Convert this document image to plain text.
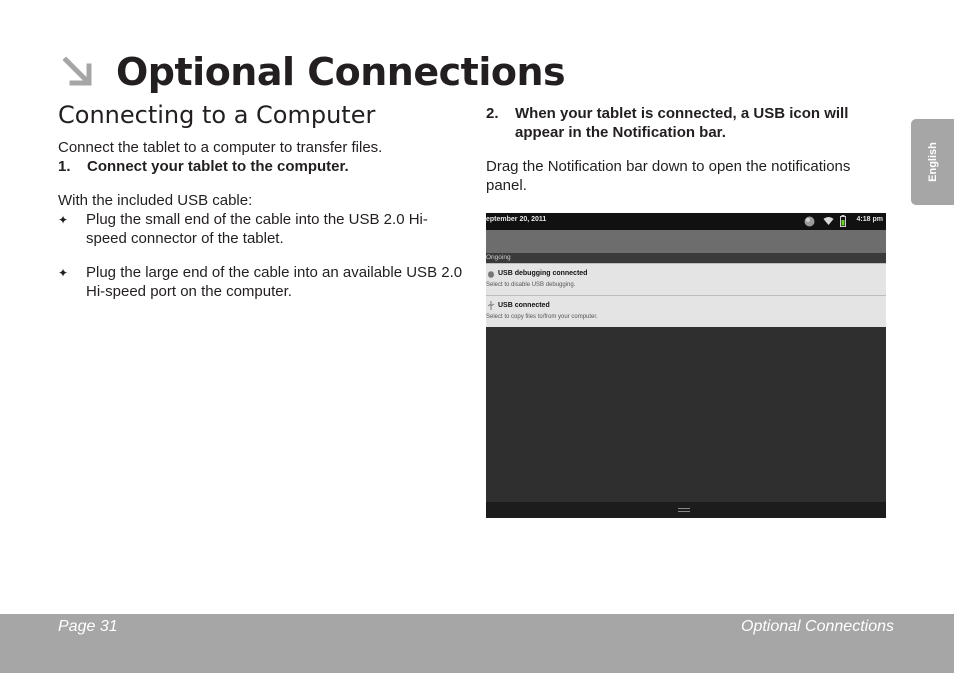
Optional Connections
Connecting to a Computer
Connect the tablet to a computer to transfer files.
1. Connect your tablet to the computer.
With the included USB cable:
✦ Plug the small end of the cable into the USB 2.0 Hi-speed connector of the tablet.
✦ Plug the large end of the cable into an available USB 2.0 Hi-speed port on the computer.
2. When your tablet is connected, a USB icon will appear in the Notification bar.
Drag the Notification bar down to open the notifications panel.
eptember 20, 2011	4:18 pm
Ongoing
USB debugging connected
Select to disable USB debugging.
USB connected
Select to copy files to/from your computer.
English
Page 31	Optional Connections
